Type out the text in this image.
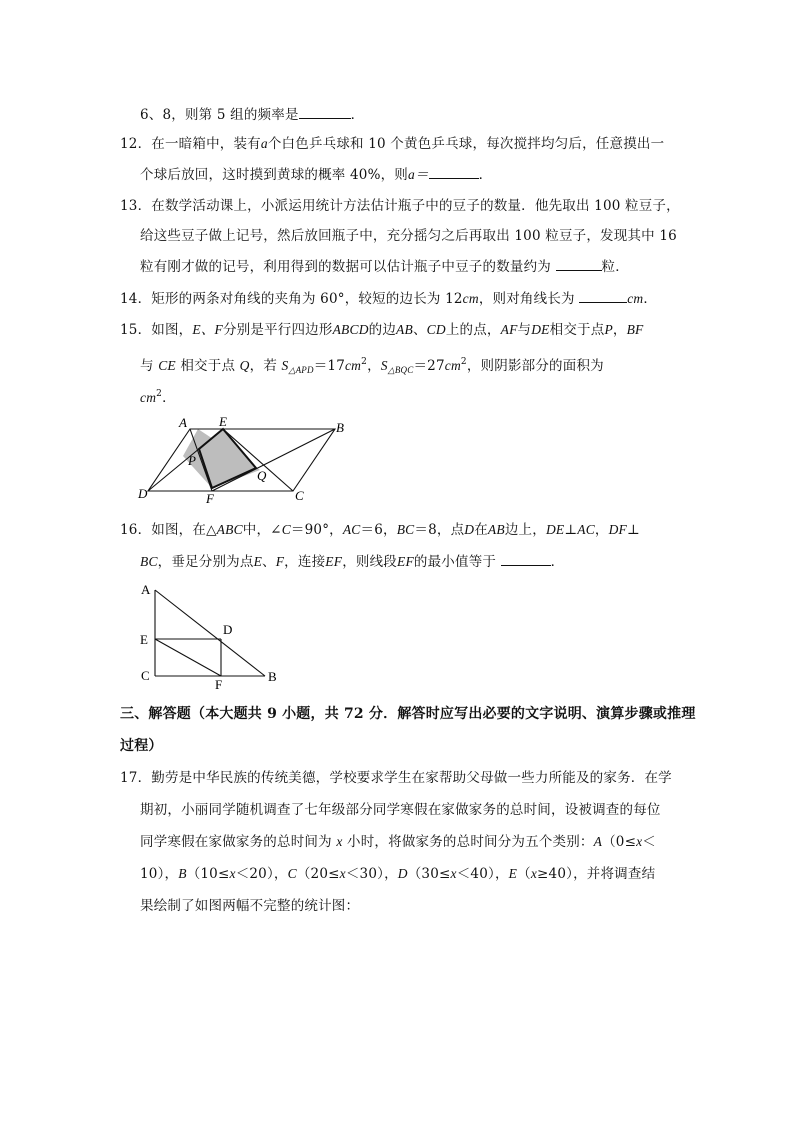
6、8，则第 5 组的频率是	．
12．在一暗箱中，装有a个白色乒乓球和 10 个黄色乒乓球，每次搅拌均匀后，任意摸出一
个球后放回，这时摸到黄球的概率 40%，则a＝	．
13．在数学活动课上，小派运用统计方法估计瓶子中的豆子的数量．他先取出 100 粒豆子，
给这些豆子做上记号，然后放回瓶子中，充分摇匀之后再取出 100 粒豆子，发现其中 16
粒有刚才做的记号，利用得到的数据可以估计瓶子中豆子的数量约为	粒．
14．矩形的两条对角线的夹角为 60°，较短的边长为 12cm，则对角线长为	cm．
15．如图，E、F分别是平行四边形ABCD的边AB、CD上的点，AF与DE相交于点P，BF
与 CE 相交于点 Q，若 $S_{\triangle APD}=17cm^2$，$S_{\triangle BQC}=27cm^2$，则阴影部分的面积为
$cm^2$．
A E	B
P
Q
D	F	C
16．如图，在△ABC中，∠C＝90°，AC＝6，BC＝8，点D在AB边上，DE⊥AC，DF⊥
BC，垂足分别为点E、F，连接EF，则线段EF的最小值等于	．
A
E
D
C
F
B
三、解答题（本大题共 9 小题，共 72 分．解答时应写出必要的文字说明、演算步骤或推理
过程）
17．勤劳是中华民族的传统美德，学校要求学生在家帮助父母做一些力所能及的家务．在学
期初，小丽同学随机调查了七年级部分同学寒假在家做家务的总时间，设被调查的每位
同学寒假在家做家务的总时间为 x 小时，将做家务的总时间分为五个类别：A（0≤x＜
10），B（10≤x＜20），C（20≤x＜30），D（30≤x＜40），E（x≥40），并将调查结
果绘制了如图两幅不完整的统计图：
